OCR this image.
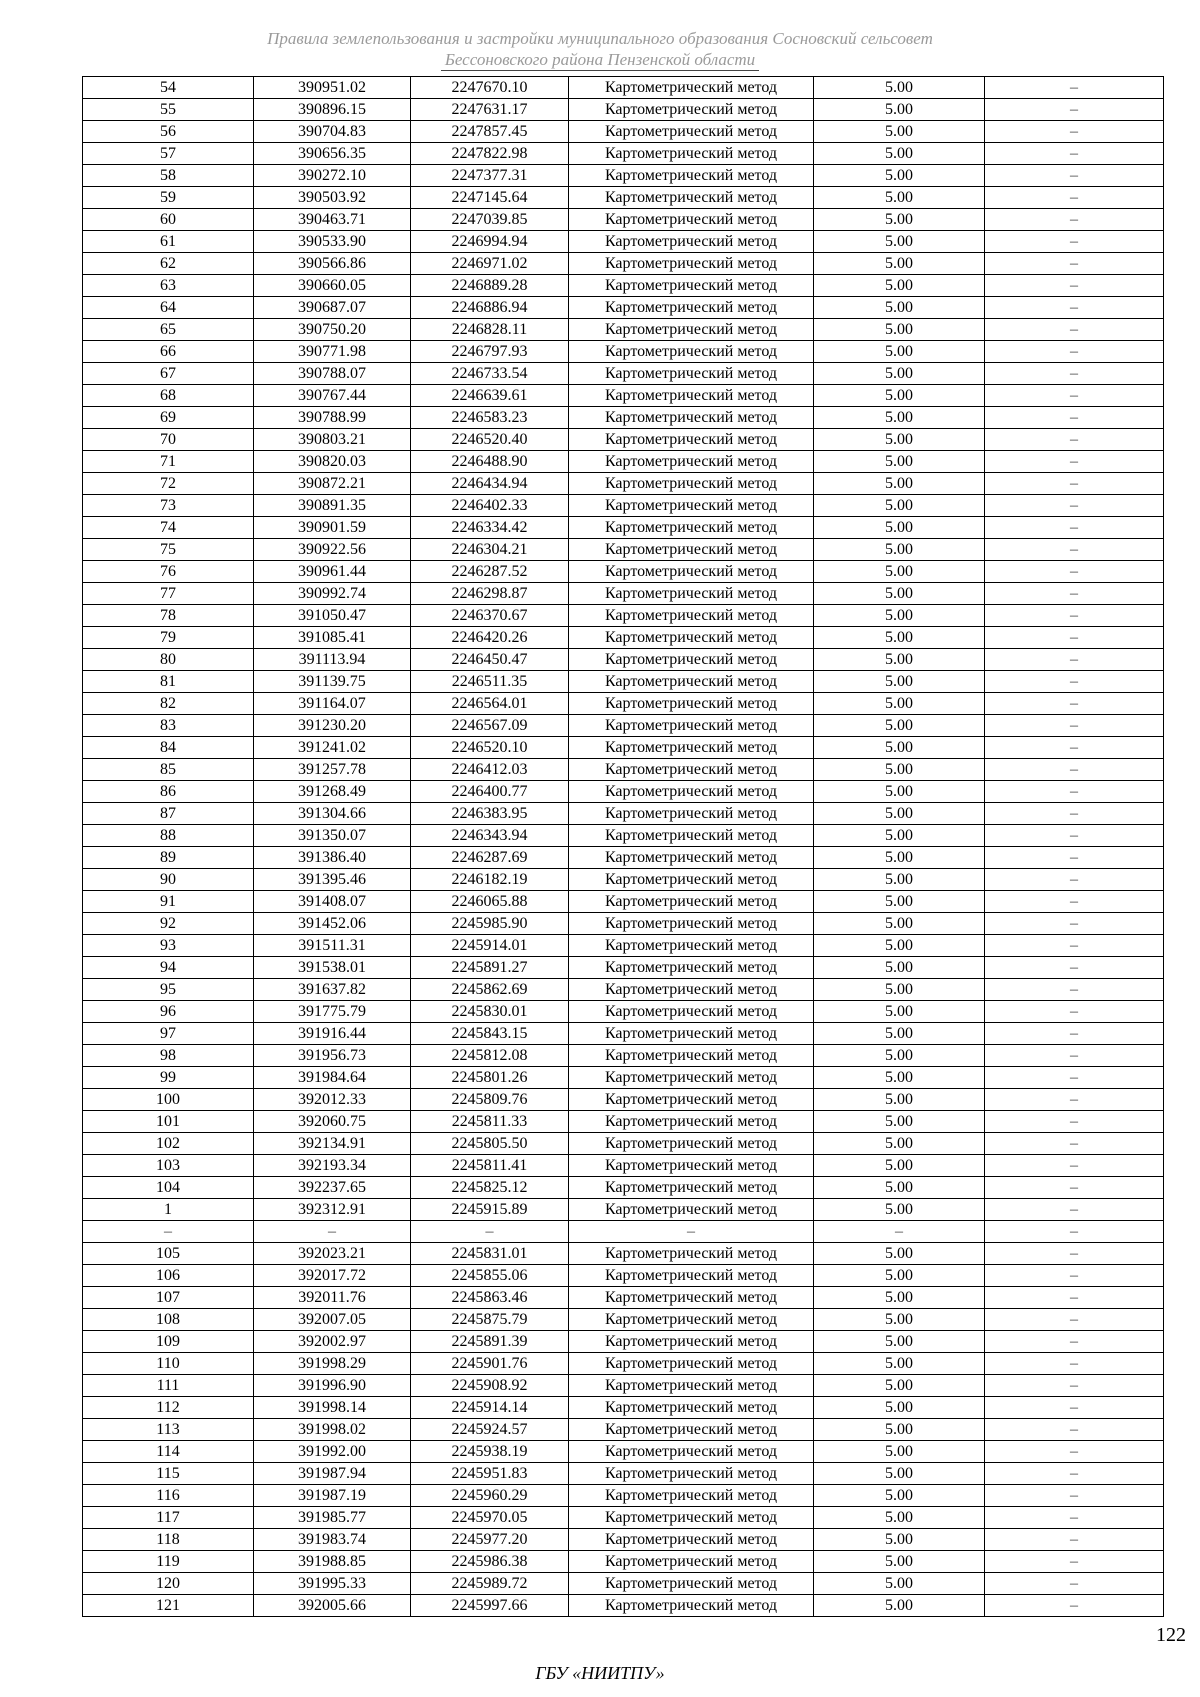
Правила землепользования и застройки муниципального образования Сосновский сельсовет
Бессоновского района Пензенской области
54	390951.02	2247670.10	Картометрический метод	5.00	–
55	390896.15	2247631.17	Картометрический метод	5.00	–
56	390704.83	2247857.45	Картометрический метод	5.00	–
57	390656.35	2247822.98	Картометрический метод	5.00	–
58	390272.10	2247377.31	Картометрический метод	5.00	–
59	390503.92	2247145.64	Картометрический метод	5.00	–
60	390463.71	2247039.85	Картометрический метод	5.00	–
61	390533.90	2246994.94	Картометрический метод	5.00	–
62	390566.86	2246971.02	Картометрический метод	5.00	–
63	390660.05	2246889.28	Картометрический метод	5.00	–
64	390687.07	2246886.94	Картометрический метод	5.00	–
65	390750.20	2246828.11	Картометрический метод	5.00	–
66	390771.98	2246797.93	Картометрический метод	5.00	–
67	390788.07	2246733.54	Картометрический метод	5.00	–
68	390767.44	2246639.61	Картометрический метод	5.00	–
69	390788.99	2246583.23	Картометрический метод	5.00	–
70	390803.21	2246520.40	Картометрический метод	5.00	–
71	390820.03	2246488.90	Картометрический метод	5.00	–
72	390872.21	2246434.94	Картометрический метод	5.00	–
73	390891.35	2246402.33	Картометрический метод	5.00	–
74	390901.59	2246334.42	Картометрический метод	5.00	–
75	390922.56	2246304.21	Картометрический метод	5.00	–
76	390961.44	2246287.52	Картометрический метод	5.00	–
77	390992.74	2246298.87	Картометрический метод	5.00	–
78	391050.47	2246370.67	Картометрический метод	5.00	–
79	391085.41	2246420.26	Картометрический метод	5.00	–
80	391113.94	2246450.47	Картометрический метод	5.00	–
81	391139.75	2246511.35	Картометрический метод	5.00	–
82	391164.07	2246564.01	Картометрический метод	5.00	–
83	391230.20	2246567.09	Картометрический метод	5.00	–
84	391241.02	2246520.10	Картометрический метод	5.00	–
85	391257.78	2246412.03	Картометрический метод	5.00	–
86	391268.49	2246400.77	Картометрический метод	5.00	–
87	391304.66	2246383.95	Картометрический метод	5.00	–
88	391350.07	2246343.94	Картометрический метод	5.00	–
89	391386.40	2246287.69	Картометрический метод	5.00	–
90	391395.46	2246182.19	Картометрический метод	5.00	–
91	391408.07	2246065.88	Картометрический метод	5.00	–
92	391452.06	2245985.90	Картометрический метод	5.00	–
93	391511.31	2245914.01	Картометрический метод	5.00	–
94	391538.01	2245891.27	Картометрический метод	5.00	–
95	391637.82	2245862.69	Картометрический метод	5.00	–
96	391775.79	2245830.01	Картометрический метод	5.00	–
97	391916.44	2245843.15	Картометрический метод	5.00	–
98	391956.73	2245812.08	Картометрический метод	5.00	–
99	391984.64	2245801.26	Картометрический метод	5.00	–
100	392012.33	2245809.76	Картометрический метод	5.00	–
101	392060.75	2245811.33	Картометрический метод	5.00	–
102	392134.91	2245805.50	Картометрический метод	5.00	–
103	392193.34	2245811.41	Картометрический метод	5.00	–
104	392237.65	2245825.12	Картометрический метод	5.00	–
1	392312.91	2245915.89	Картометрический метод	5.00	–
–	–	–	–	–	–
105	392023.21	2245831.01	Картометрический метод	5.00	–
106	392017.72	2245855.06	Картометрический метод	5.00	–
107	392011.76	2245863.46	Картометрический метод	5.00	–
108	392007.05	2245875.79	Картометрический метод	5.00	–
109	392002.97	2245891.39	Картометрический метод	5.00	–
110	391998.29	2245901.76	Картометрический метод	5.00	–
111	391996.90	2245908.92	Картометрический метод	5.00	–
112	391998.14	2245914.14	Картометрический метод	5.00	–
113	391998.02	2245924.57	Картометрический метод	5.00	–
114	391992.00	2245938.19	Картометрический метод	5.00	–
115	391987.94	2245951.83	Картометрический метод	5.00	–
116	391987.19	2245960.29	Картометрический метод	5.00	–
117	391985.77	2245970.05	Картометрический метод	5.00	–
118	391983.74	2245977.20	Картометрический метод	5.00	–
119	391988.85	2245986.38	Картометрический метод	5.00	–
120	391995.33	2245989.72	Картометрический метод	5.00	–
121	392005.66	2245997.66	Картометрический метод	5.00	–
122
ГБУ «НИИТПУ»
